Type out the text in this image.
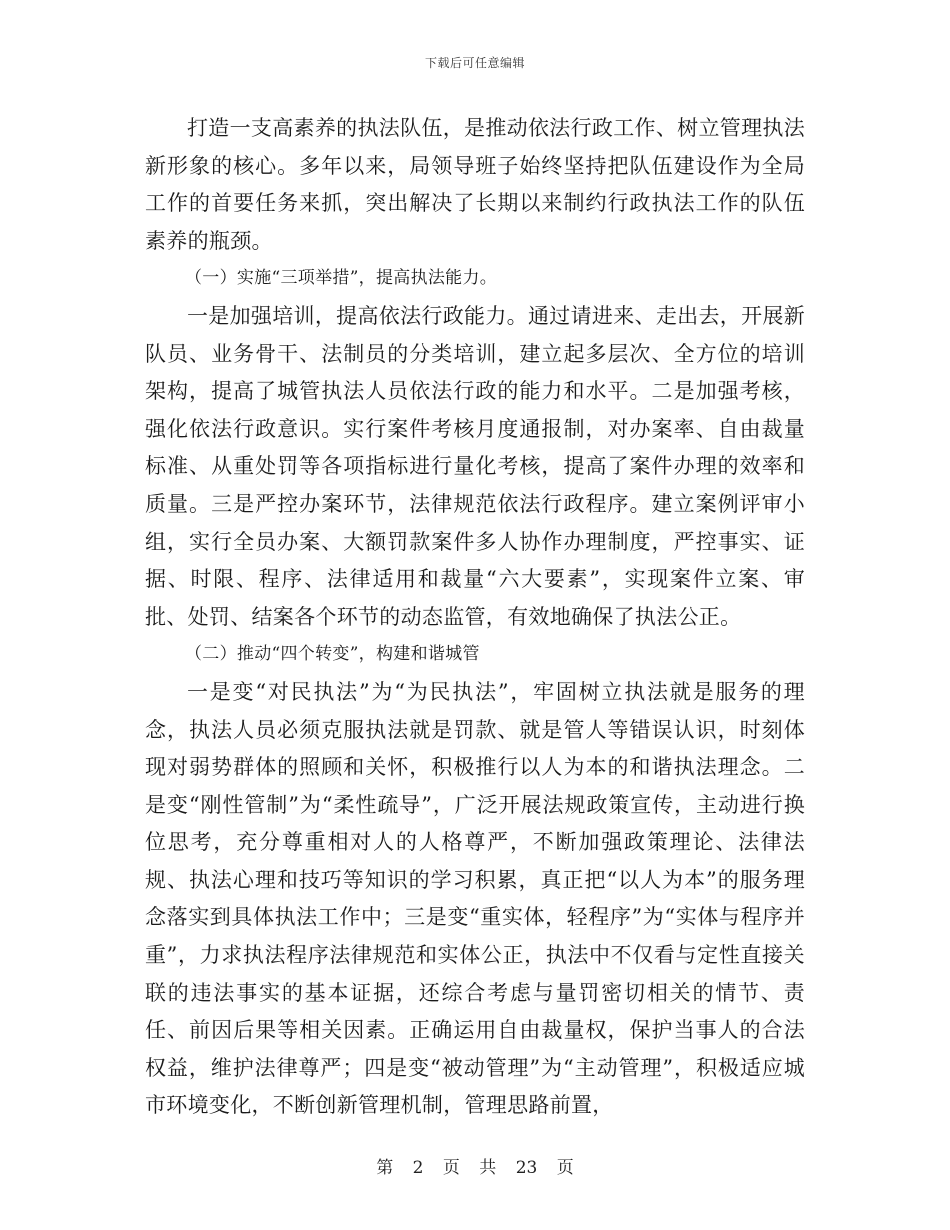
下载后可任意编辑

打造一支高素养的执法队伍，是推动依法行政工作、树立管理执法新形象的核心。多年以来，局领导班子始终坚持把队伍建设作为全局工作的首要任务来抓，突出解决了长期以来制约行政执法工作的队伍素养的瓶颈。

（一）实施“三项举措”，提高执法能力。

一是加强培训，提高依法行政能力。通过请进来、走出去，开展新队员、业务骨干、法制员的分类培训，建立起多层次、全方位的培训架构，提高了城管执法人员依法行政的能力和水平。二是加强考核，强化依法行政意识。实行案件考核月度通报制，对办案率、自由裁量标准、从重处罚等各项指标进行量化考核，提高了案件办理的效率和质量。三是严控办案环节，法律规范依法行政程序。建立案例评审小组，实行全员办案、大额罚款案件多人协作办理制度，严控事实、证据、时限、程序、法律适用和裁量“六大要素”，实现案件立案、审批、处罚、结案各个环节的动态监管，有效地确保了执法公正。

（二）推动“四个转变”，构建和谐城管

一是变“对民执法”为“为民执法”，牢固树立执法就是服务的理念，执法人员必须克服执法就是罚款、就是管人等错误认识，时刻体现对弱势群体的照顾和关怀，积极推行以人为本的和谐执法理念。二是变“刚性管制”为“柔性疏导”，广泛开展法规政策宣传，主动进行换位思考，充分尊重相对人的人格尊严，不断加强政策理论、法律法规、执法心理和技巧等知识的学习积累，真正把“以人为本”的服务理念落实到具体执法工作中；三是变“重实体，轻程序”为“实体与程序并重”，力求执法程序法律规范和实体公正，执法中不仅看与定性直接关联的违法事实的基本证据，还综合考虑与量罚密切相关的情节、责任、前因后果等相关因素。正确运用自由裁量权，保护当事人的合法权益，维护法律尊严；四是变“被动管理”为“主动管理”，积极适应城市环境变化，不断创新管理机制，管理思路前置，

第 2 页 共 23 页
